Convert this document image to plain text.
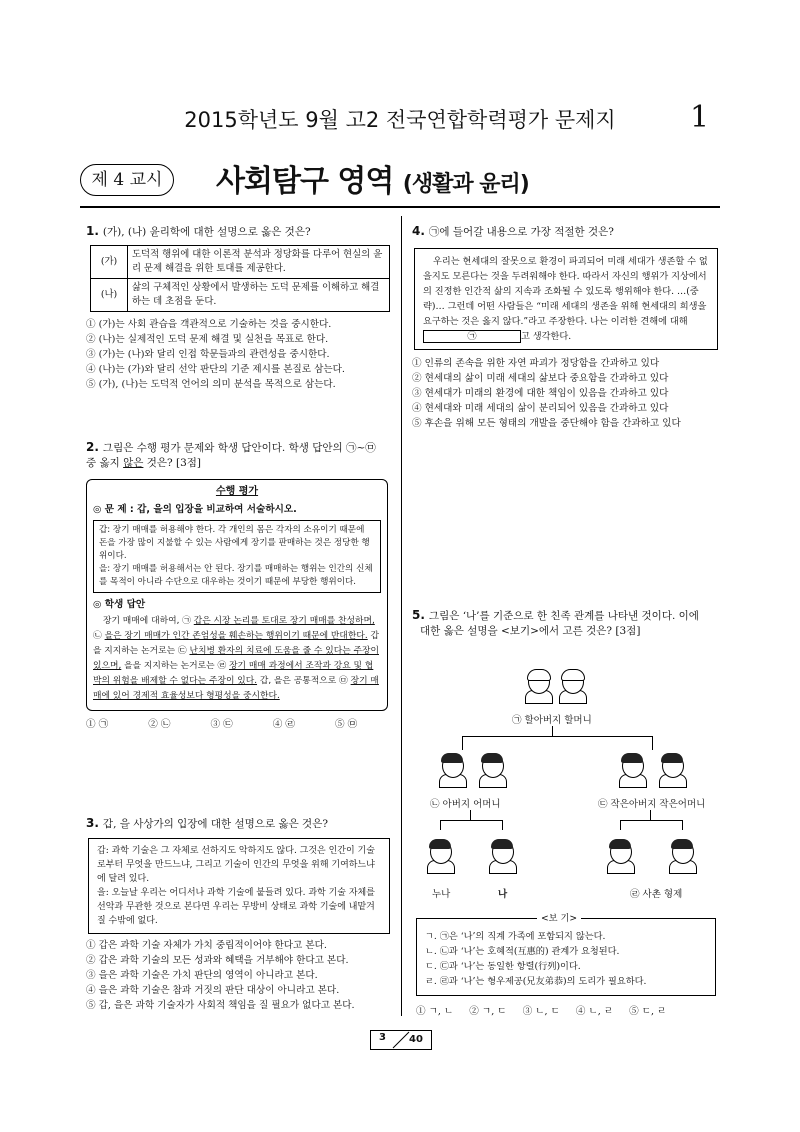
2015학년도 9월 고2 전국연합학력평가 문제지	1
제 4 교시	사회탐구 영역 (생활과 윤리)
1. (가), (나) 윤리학에 대한 설명으로 옳은 것은?
(가)	도덕적 행위에 대한 이론적 분석과 정당화를 다루어 현실의 윤리 문제 해결을 위한 토대를 제공한다.
(나)	삶의 구체적인 상황에서 발생하는 도덕 문제를 이해하고 해결하는 데 초점을 둔다.
① (가)는 사회 관습을 객관적으로 기술하는 것을 중시한다.
② (나)는 실제적인 도덕 문제 해결 및 실천을 목표로 한다.
③ (가)는 (나)와 달리 인접 학문들과의 관련성을 중시한다.
④ (나)는 (가)와 달리 선악 판단의 기준 제시를 본질로 삼는다.
⑤ (가), (나)는 도덕적 언어의 의미 분석을 목적으로 삼는다.
2. 그림은 수행 평가 문제와 학생 답안이다. 학생 답안의 ㉠~㉤
중 옳지 않은 것은? [3점]
수행 평가
◎ 문 제 : 갑, 을의 입장을 비교하여 서술하시오.
갑: 장기 매매를 허용해야 한다. 각 개인의 몸은 각자의 소유이기 때문에 돈을 가장 많이 지불할 수 있는 사람에게 장기를 판매하는 것은 정당한 행위이다.
을: 장기 매매를 허용해서는 안 된다. 장기를 매매하는 행위는 인간의 신체를 목적이 아니라 수단으로 대우하는 것이기 때문에 부당한 행위이다.
◎ 학생 답안
장기 매매에 대하여, ㉠ 갑은 시장 논리를 토대로 장기 매매를 찬성하며, ㉡ 을은 장기 매매가 인간 존엄성을 훼손하는 행위이기 때문에 반대한다. 갑을 지지하는 논거로는 ㉢ 난치병 환자의 치료에 도움을 줄 수 있다는 주장이 있으며, 을을 지지하는 논거로는 ㉣ 장기 매매 과정에서 조작과 강요 및 협박의 위험을 배제할 수 없다는 주장이 있다. 갑, 을은 공통적으로 ㉤ 장기 매매에 있어 경제적 효율성보다 형평성을 중시한다.
① ㉠	② ㉡	③ ㉢	④ ㉣	⑤ ㉤
3. 갑, 을 사상가의 입장에 대한 설명으로 옳은 것은?
갑: 과학 기술은 그 자체로 선하지도 악하지도 않다. 그것은 인간이 기술로부터 무엇을 만드느냐, 그리고 기술이 인간의 무엇을 위해 기여하느냐에 달려 있다.
을: 오늘날 우리는 어디서나 과학 기술에 붙들려 있다. 과학 기술 자체를 선악과 무관한 것으로 본다면 우리는 무방비 상태로 과학 기술에 내맡겨질 수밖에 없다.
① 갑은 과학 기술 자체가 가치 중립적이어야 한다고 본다.
② 갑은 과학 기술의 모든 성과와 혜택을 거부해야 한다고 본다.
③ 을은 과학 기술은 가치 판단의 영역이 아니라고 본다.
④ 을은 과학 기술은 참과 거짓의 판단 대상이 아니라고 본다.
⑤ 갑, 을은 과학 기술자가 사회적 책임을 질 필요가 없다고 본다.
4. ㉠에 들어갈 내용으로 가장 적절한 것은?
우리는 현세대의 잘못으로 환경이 파괴되어 미래 세대가 생존할 수 없을지도 모른다는 것을 두려워해야 한다. 따라서 자신의 행위가 지상에서의 진정한 인간적 삶의 지속과 조화될 수 있도록 행위해야 한다. …(중략)… 그런데 어떤 사람들은 “미래 세대의 생존을 위해 현세대의 희생을 요구하는 것은 옳지 않다.”라고 주장한다. 나는 이러한 견해에 대해 ㉠	고 생각한다.
① 인류의 존속을 위한 자연 파괴가 정당함을 간과하고 있다
② 현세대의 삶이 미래 세대의 삶보다 중요함을 간과하고 있다
③ 현세대가 미래의 환경에 대한 책임이 있음을 간과하고 있다
④ 현세대와 미래 세대의 삶이 분리되어 있음을 간과하고 있다
⑤ 후손을 위해 모든 형태의 개발을 중단해야 함을 간과하고 있다
5. 그림은 ‘나’를 기준으로 한 친족 관계를 나타낸 것이다. 이에
대한 옳은 설명을 <보기>에서 고른 것은? [3점]
㉠ 할아버지 할머니
㉡ 아버지 어머니	㉢ 작은아버지 작은어머니
누나	나	㉣ 사촌 형제
<보 기>
ㄱ. ㉠은 ‘나’의 직계 가족에 포함되지 않는다.
ㄴ. ㉡과 ‘나’는 호혜적(互惠的) 관계가 요청된다.
ㄷ. ㉢과 ‘나’는 동일한 항렬(行列)이다.
ㄹ. ㉣과 ‘나’는 형우제공(兄友弟恭)의 도리가 필요하다.
① ㄱ, ㄴ ② ㄱ, ㄷ ③ ㄴ, ㄷ ④ ㄴ, ㄹ ⑤ ㄷ, ㄹ
3 40
